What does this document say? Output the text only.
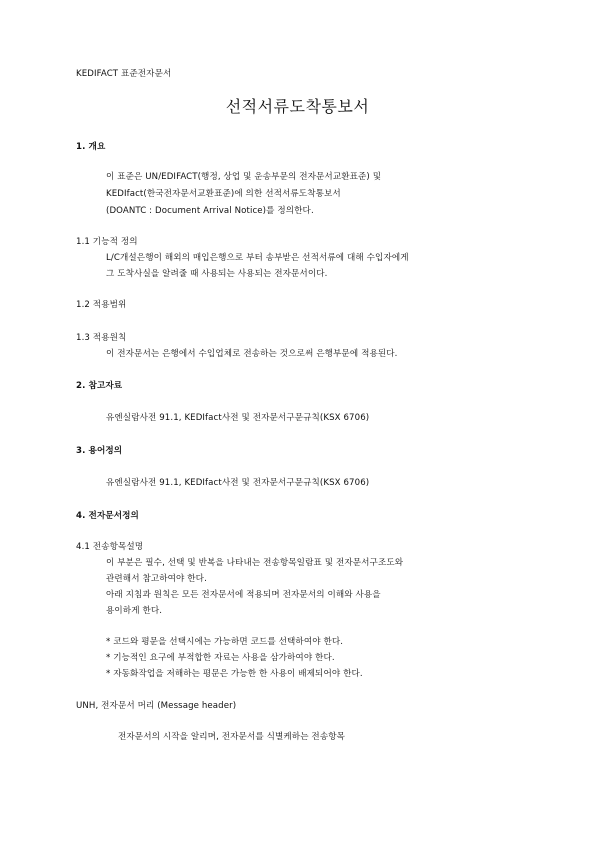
KEDIFACT 표준전자문서
선적서류도착통보서
1. 개요
이 표준은 UN/EDIFACT(행정, 상업 및 운송부문의 전자문서교환표준) 및
KEDIfact(한국전자문서교환표준)에 의한 선적서류도착통보서
(DOANTC : Document Arrival Notice)를 정의한다.
1.1 기능적 정의
L/C개설은행이 해외의 매입은행으로 부터 송부받은 선적서류에 대해 수입자에게
그 도착사실을 알려줄 때 사용되는 사용되는 전자문서이다.
1.2 적용범위
1.3 적용원칙
이 전자문서는 은행에서 수입업체로 전송하는 것으로써 은행부문에 적용된다.
2. 참고자료
유엔실람사전 91.1, KEDIfact사전 및 전자문서구문규칙(KSX 6706)
3. 용어정의
유엔실람사전 91.1, KEDIfact사전 및 전자문서구문규칙(KSX 6706)
4. 전자문서정의
4.1 전송항목설명
이 부분은 필수, 선택 및 반복을 나타내는 전송항목일람표 및 전자문서구조도와
관련해서 참고하여야 한다.
아래 지침과 원칙은 모든 전자문서에 적용되며 전자문서의 이해와 사용을
용이하게 한다.
* 코드와 평문을 선택시에는 가능하면 코드를 선택하여야 한다.
* 기능적인 요구에 부적합한 자료는 사용을 삼가하여야 한다.
* 자동화작업을 저해하는 평문은 가능한 한 사용이 배제되어야 한다.
UNH, 전자문서 머리 (Message header)
전자문서의 시작을 알리며, 전자문서를 식별케하는 전송항목
